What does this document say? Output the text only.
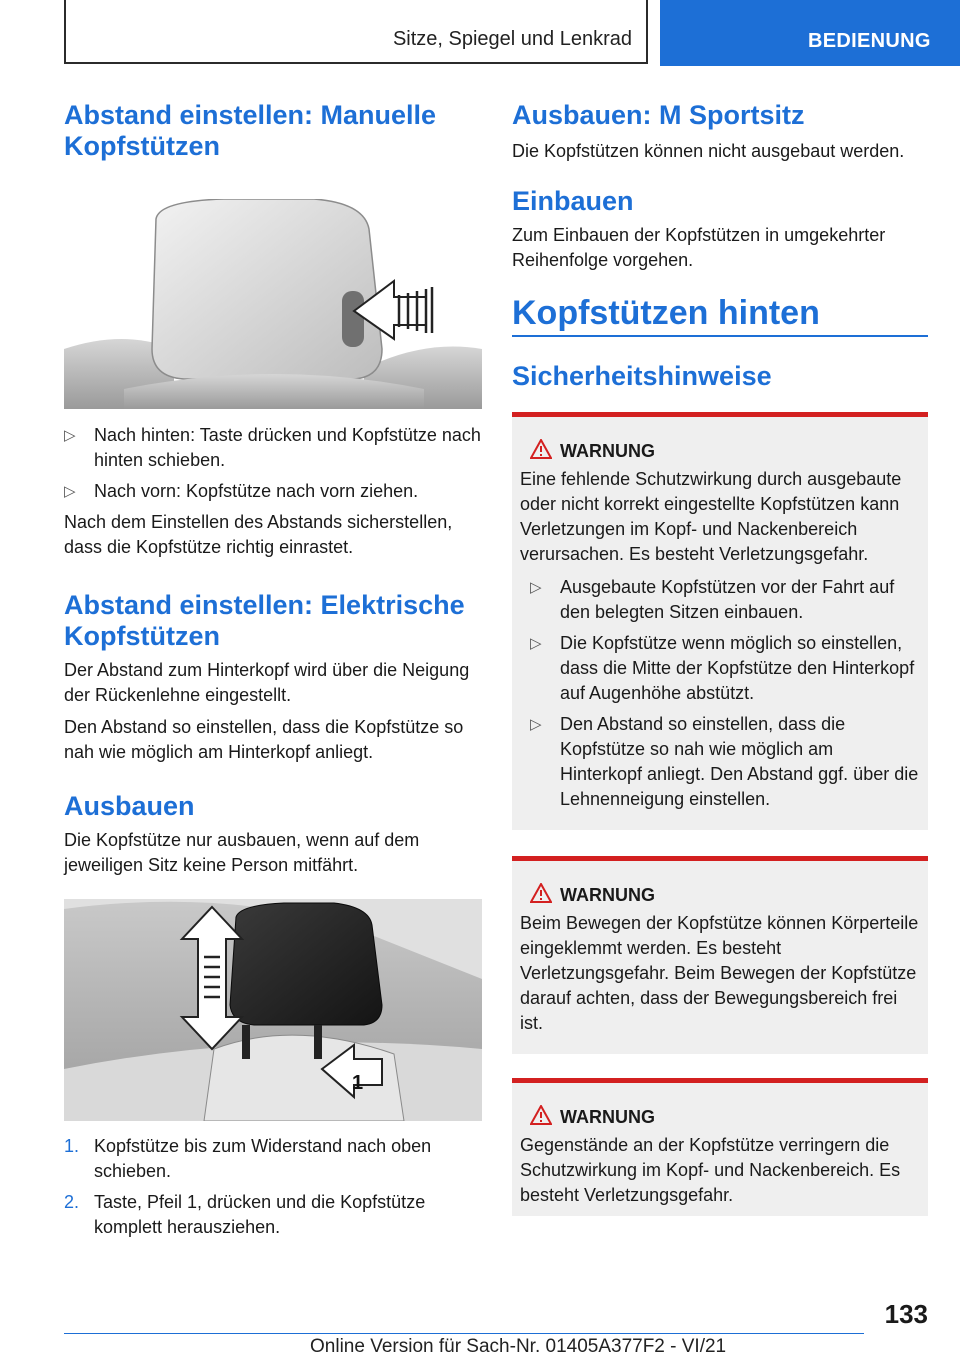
Sitze, Spiegel und Lenkrad	BEDIENUNG
Abstand einstellen: Manuelle Kopfstützen
▷ Nach hinten: Taste drücken und Kopfstütze nach hinten schieben.
▷ Nach vorn: Kopfstütze nach vorn ziehen.

Nach dem Einstellen des Abstands sicherstellen, dass die Kopfstütze richtig einrastet.

Abstand einstellen: Elektrische Kopfstützen

Der Abstand zum Hinterkopf wird über die Neigung der Rückenlehne eingestellt.

Den Abstand so einstellen, dass die Kopfstütze so nah wie möglich am Hinterkopf anliegt.

Ausbauen

Die Kopfstütze nur ausbauen, wenn auf dem jeweiligen Sitz keine Person mitfährt.

1
1. Kopfstütze bis zum Widerstand nach oben schieben.
2. Taste, Pfeil 1, drücken und die Kopfstütze komplett herausziehen.
Ausbauen: M Sportsitz

Die Kopfstützen können nicht ausgebaut werden.

Einbauen

Zum Einbauen der Kopfstützen in umgekehrter Reihenfolge vorgehen.

Kopfstützen hinten
Sicherheitshinweise
WARNUNG

Eine fehlende Schutzwirkung durch ausgebaute oder nicht korrekt eingestellte Kopfstützen kann Verletzungen im Kopf- und Nackenbereich verursachen. Es besteht Verletzungsgefahr.

▷ Ausgebaute Kopfstützen vor der Fahrt auf den belegten Sitzen einbauen.
▷ Die Kopfstütze wenn möglich so einstellen, dass die Mitte der Kopfstütze den Hinterkopf auf Augenhöhe abstützt.
▷ Den Abstand so einstellen, dass die Kopfstütze so nah wie möglich am Hinterkopf anliegt. Den Abstand ggf. über die Lehnenneigung einstellen.
WARNUNG

Beim Bewegen der Kopfstütze können Körperteile eingeklemmt werden. Es besteht Verletzungsgefahr. Beim Bewegen der Kopfstütze darauf achten, dass der Bewegungsbereich frei ist.

WARNUNG

Gegenstände an der Kopfstütze verringern die Schutzwirkung im Kopf- und Nackenbereich. Es besteht Verletzungsgefahr.

133
Online Version für Sach-Nr. 01405A377F2 - VI/21
